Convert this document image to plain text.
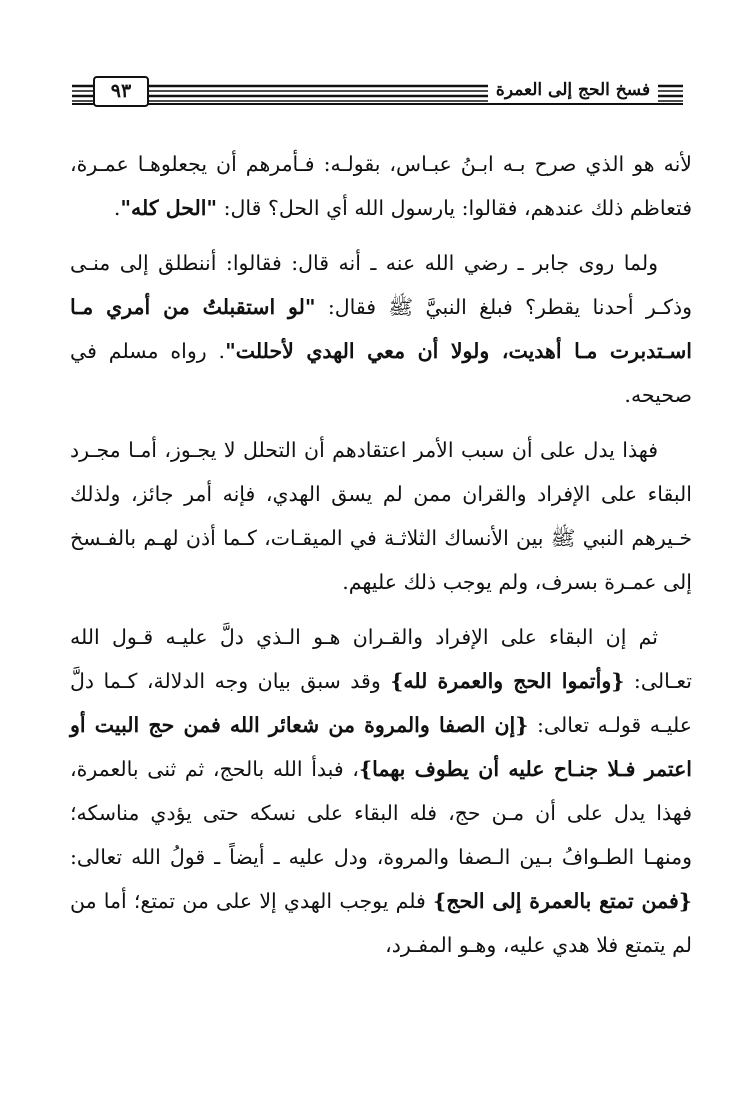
٩٣	فسخ الحج إلى العمرة

لأنه هو الذي صرح بـه ابـنُ عبـاس، بقولـه: فـأمرهم أن يجعلوهـا عمـرة، فتعاظم ذلك عندهم، فقالوا: يارسول الله أي الحل؟ قال: "الحل كله".

ولما روى جابر ـ رضي الله عنه ـ أنه قال: فقالوا: أننطلق إلى منـى وذكـر أحدنا يقطر؟ فبلغ النبيَّ ﷺ فقال: "لو استقبلتُ من أمري مـا اسـتدبرت مـا أهديت، ولولا أن معي الهدي لأحللت". رواه مسلم في صحيحه.

فهذا يدل على أن سبب الأمر اعتقادهم أن التحلل لا يجـوز، أمـا مجـرد البقاء على الإفراد والقران ممن لم يسق الهدي، فإنه أمر جائز، ولذلك خـيرهم النبي ﷺ بين الأنساك الثلاثـة في الميقـات، كـما أذن لهـم بالفـسخ إلى عمـرة بسرف، ولم يوجب ذلك عليهم.

ثم إن البقاء على الإفراد والقـران هـو الـذي دلَّ عليـه قـول الله تعـالى: {وأتموا الحج والعمرة لله} وقد سبق بيان وجه الدلالة، كـما دلَّ عليـه قولـه تعالى: {إن الصفا والمروة من شعائر الله فمن حج البيت أو اعتمر فـلا جنـاح عليه أن يطوف بهما}، فبدأ الله بالحج، ثم ثنى بالعمرة، فهذا يدل على أن مـن حج، فله البقاء على نسكه حتى يؤدي مناسكه؛ ومنهـا الطـوافُ بـين الـصفا والمروة، ودل عليه ـ أيضاً ـ قولُ الله تعالى: {فمن تمتع بالعمرة إلى الحج} فلم يوجب الهدي إلا على من تمتع؛ أما من لم يتمتع فلا هدي عليه، وهـو المفـرد،
